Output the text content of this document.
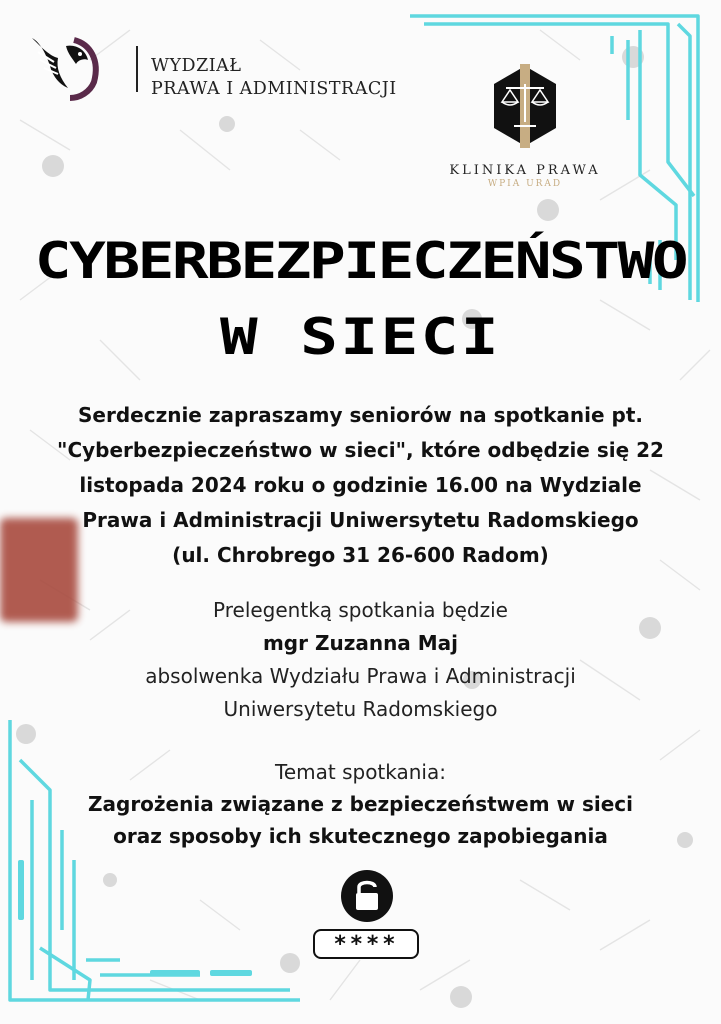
WYDZIAŁ
PRAWA I ADMINISTRACJI
KLINIKA PRAWA
WPIA URAD
CYBERBEZPIECZEŃSTWO
W SIECI
Serdecznie zapraszamy seniorów na spotkanie pt.
"Cyberbezpieczeństwo w sieci", które odbędzie się 22
listopada 2024 roku o godzinie 16.00 na Wydziale
Prawa i Administracji Uniwersytetu Radomskiego
(ul. Chrobrego 31 26-600 Radom)
Prelegentką spotkania będzie
mgr Zuzanna Maj
absolwenka Wydziału Prawa i Administracji
Uniwersytetu Radomskiego
Temat spotkania:
Zagrożenia związane z bezpieczeństwem w sieci
oraz sposoby ich skutecznego zapobiegania
****
